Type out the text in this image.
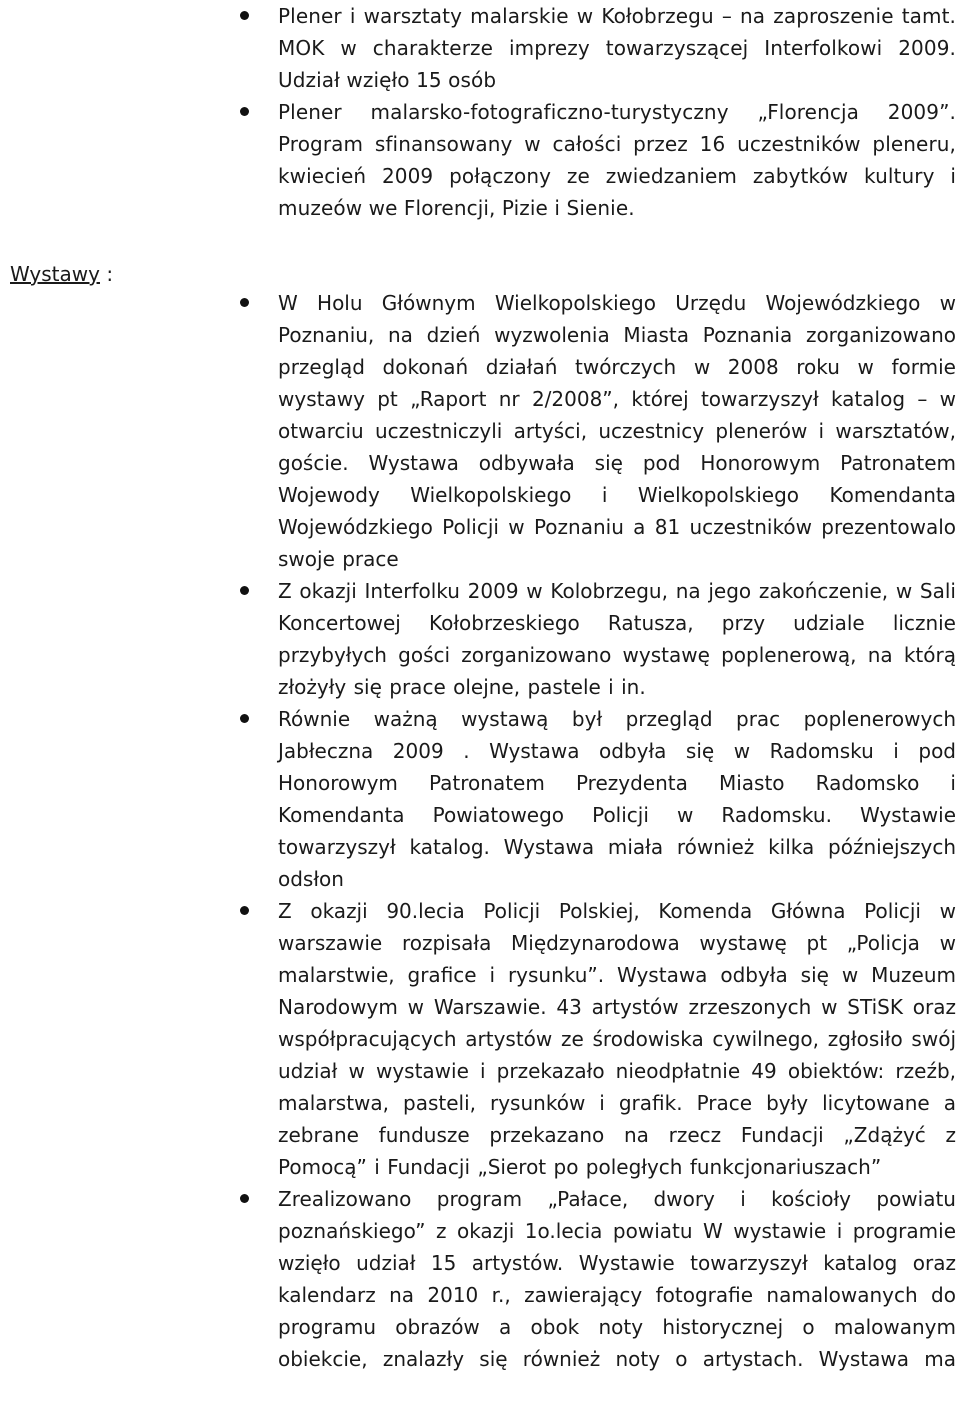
Plener i warsztaty malarskie w Kołobrzegu – na zaproszenie tamt. MOK w charakterze imprezy towarzyszącej Interfolkowi 2009. Udział wzięło 15 osób
Plener malarsko-fotograficzno-turystyczny „Florencja 2009”. Program sfinansowany w całości przez 16 uczestników pleneru, kwiecień 2009 połączony ze zwiedzaniem zabytków kultury i muzeów we Florencji, Pizie i Sienie.
Wystawy :
W Holu Głównym Wielkopolskiego Urzędu Wojewódzkiego w Poznaniu, na dzień wyzwolenia Miasta Poznania zorganizowano przegląd dokonań działań twórczych w 2008 roku w formie wystawy pt „Raport nr 2/2008”, której towarzyszył katalog – w otwarciu uczestniczyli artyści, uczestnicy plenerów i warsztatów, goście. Wystawa odbywała się pod Honorowym Patronatem Wojewody Wielkopolskiego i Wielkopolskiego Komendanta Wojewódzkiego Policji w Poznaniu a 81 uczestników prezentowalo swoje prace
Z okazji Interfolku 2009 w Kolobrzegu, na jego zakończenie, w Sali Koncertowej Kołobrzeskiego Ratusza, przy udziale licznie przybyłych gości zorganizowano wystawę poplenerową, na którą złożyły się prace olejne, pastele i in.
Równie ważną wystawą był przegląd prac poplenerowych Jabłeczna 2009 . Wystawa odbyła się w Radomsku i pod Honorowym Patronatem Prezydenta Miasto Radomsko i Komendanta Powiatowego Policji w Radomsku. Wystawie towarzyszył katalog. Wystawa miała również kilka późniejszych odsłon
Z okazji 90.lecia Policji Polskiej, Komenda Główna Policji w warszawie rozpisała Międzynarodowa wystawę pt „Policja w malarstwie, grafice i rysunku”. Wystawa odbyła się w Muzeum Narodowym w Warszawie. 43 artystów zrzeszonych w STiSK oraz współpracujących artystów ze środowiska cywilnego, zgłosiło swój udział w wystawie i przekazało nieodpłatnie 49 obiektów: rzeźb, malarstwa, pasteli, rysunków i grafik. Prace były licytowane a zebrane fundusze przekazano na rzecz Fundacji „Zdążyć z Pomocą” i Fundacji „Sierot po poległych funkcjonariuszach”
Zrealizowano program „Pałace, dwory i kościoły powiatu poznańskiego” z okazji 1o.lecia powiatu W wystawie i programie wzięło udział 15 artystów. Wystawie towarzyszył katalog oraz kalendarz na 2010 r., zawierający fotografie namalowanych do programu obrazów a obok noty historycznej o malowanym obiekcie, znalazły się również noty o artystach. Wystawa ma
